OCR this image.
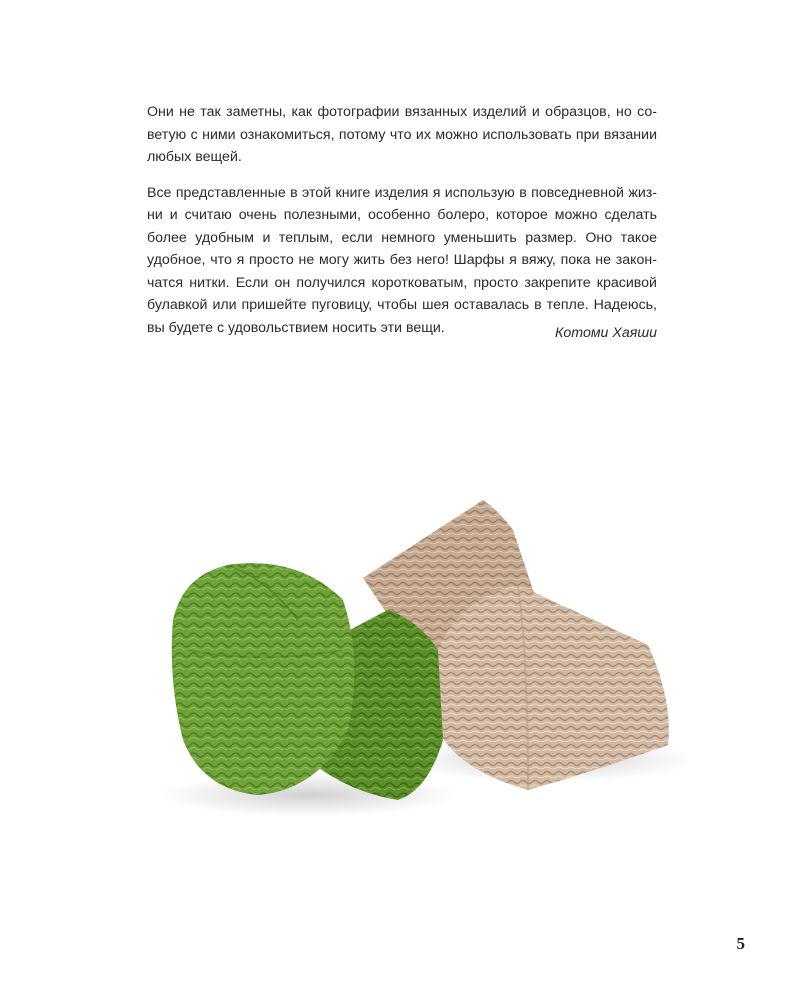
Они не так заметны, как фотографии вязанных изделий и образцов, но со-
ветую с ними ознакомиться, потому что их можно использовать при вязании
любых вещей.

Все представленные в этой книге изделия я использую в повседневной жиз-
ни и считаю очень полезными, особенно болеро, которое можно сделать
более удобным и теплым, если немного уменьшить размер. Оно такое
удобное, что я просто не могу жить без него! Шарфы я вяжу, пока не закон-
чатся нитки. Если он получился коротковатым, просто закрепите красивой
булавкой или пришейте пуговицу, чтобы шея оставалась в тепле. Надеюсь,
вы будете с удовольствием носить эти вещи.	Котоми Хаяши
5
